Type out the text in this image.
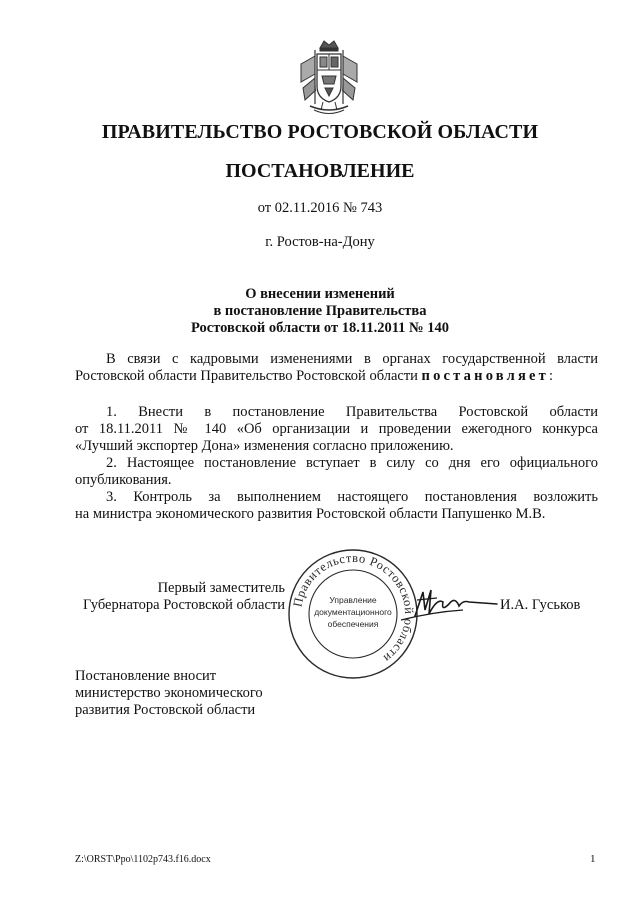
ПРАВИТЕЛЬСТВО РОСТОВСКОЙ ОБЛАСТИ
ПОСТАНОВЛЕНИЕ
от 02.11.2016 № 743
г. Ростов-на-Дону
О внесении изменений
в постановление Правительства
Ростовской области от 18.11.2011 № 140
В связи с кадровыми изменениями в органах государственной власти
Ростовской области Правительство Ростовской области постановляет:
1. Внести в постановление Правительства Ростовской области
от 18.11.2011 № 140 «Об организации и проведении ежегодного конкурса
«Лучший экспортер Дона» изменения согласно приложению.
2. Настоящее постановление вступает в силу со дня его официального
опубликования.
3. Контроль за выполнением настоящего постановления возложить
на министра экономического развития Ростовской области Папушенко М.В.
Первый заместитель
Губернатора Ростовской области Правительство Ростовской области
Управление
документационного
обеспечения
И.А. Гуськов
Постановление вносит
министерство экономического
развития Ростовской области
Z:\ORST\Ppo\1102p743.f16.docx	1
